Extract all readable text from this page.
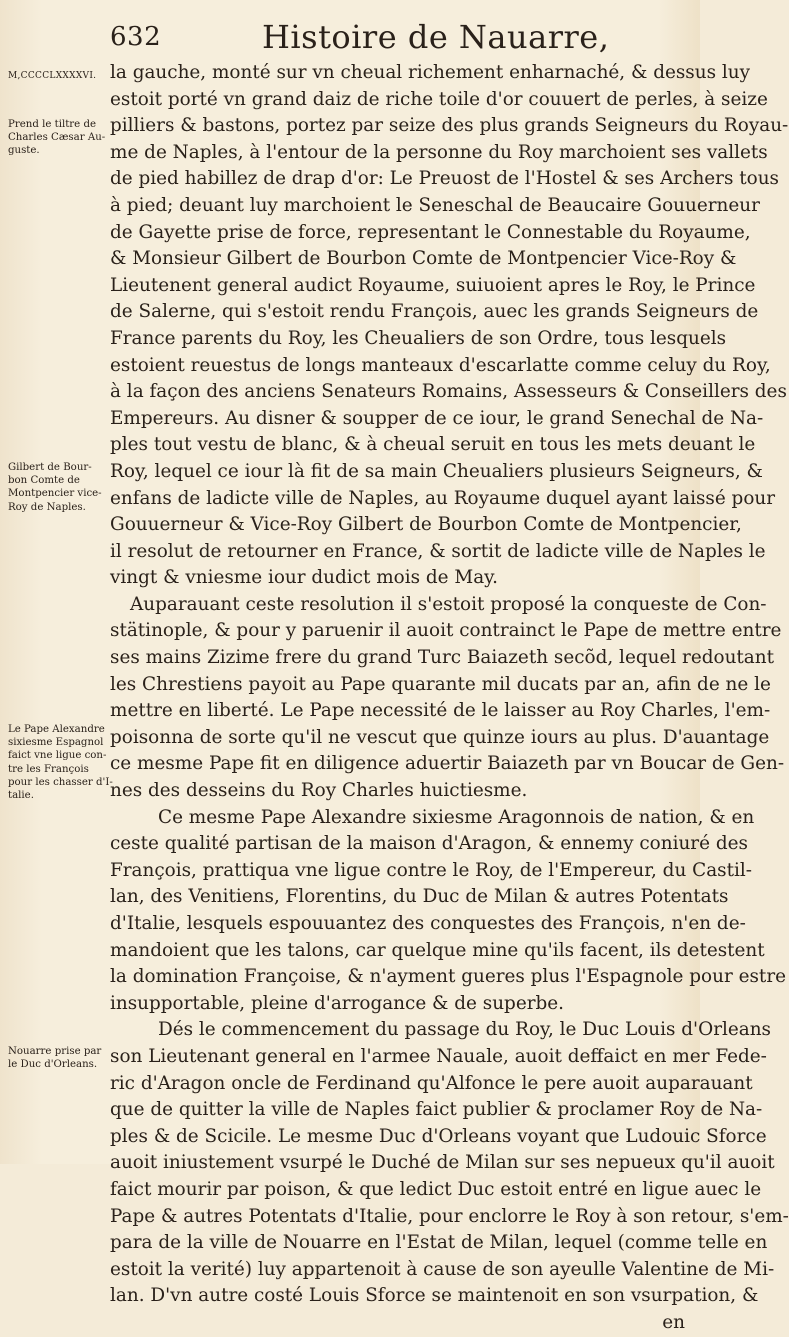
632	Histoire de Nauarre,
M,CCCCLXXXXVI.
Prend le tiltre de
Charles Cæsar Au-
guste.
Gilbert de Bour-
bon Comte de
Montpencier vice-
Roy de Naples.
Le Pape Alexandre
sixiesme Espagnol
faict vne ligue con-
tre les François
pour les chasser d'I-
talie.
Nouarre prise par
le Duc d'Orleans.
la gauche, monté sur vn cheual richement enharnaché, & dessus luy
estoit porté vn grand daiz de riche toile d'or couuert de perles, à seize
pilliers & bastons, portez par seize des plus grands Seigneurs du Royau-
me de Naples, à l'entour de la personne du Roy marchoient ses vallets
de pied habillez de drap d'or: Le Preuost de l'Hostel & ses Archers tous
à pied; deuant luy marchoient le Seneschal de Beaucaire Gouuerneur
de Gayette prise de force, representant le Connestable du Royaume,
& Monsieur Gilbert de Bourbon Comte de Montpencier Vice-Roy &
Lieutenent general audict Royaume, suiuoient apres le Roy, le Prince
de Salerne, qui s'estoit rendu François, auec les grands Seigneurs de
France parents du Roy, les Cheualiers de son Ordre, tous lesquels
estoient reuestus de longs manteaux d'escarlatte comme celuy du Roy,
à la façon des anciens Senateurs Romains, Assesseurs & Conseillers des
Empereurs. Au disner & soupper de ce iour, le grand Senechal de Na-
ples tout vestu de blanc, & à cheual seruit en tous les mets deuant le
Roy, lequel ce iour là fit de sa main Cheualiers plusieurs Seigneurs, &
enfans de ladicte ville de Naples, au Royaume duquel ayant laissé pour
Gouuerneur & Vice-Roy Gilbert de Bourbon Comte de Montpencier,
il resolut de retourner en France, & sortit de ladicte ville de Naples le
vingt & vniesme iour dudict mois de May.
Auparauant ceste resolution il s'estoit proposé la conqueste de Con-
stätinople, & pour y paruenir il auoit contrainct le Pape de mettre entre
ses mains Zizime frere du grand Turc Baiazeth secõd, lequel redoutant
les Chrestiens payoit au Pape quarante mil ducats par an, afin de ne le
mettre en liberté. Le Pape necessité de le laisser au Roy Charles, l'em-
poisonna de sorte qu'il ne vescut que quinze iours au plus. D'auantage
ce mesme Pape fit en diligence aduertir Baiazeth par vn Boucar de Gen-
nes des desseins du Roy Charles huictiesme.
Ce mesme Pape Alexandre sixiesme Aragonnois de nation, & en
ceste qualité partisan de la maison d'Aragon, & ennemy coniuré des
François, prattiqua vne ligue contre le Roy, de l'Empereur, du Castil-
lan, des Venitiens, Florentins, du Duc de Milan & autres Potentats
d'Italie, lesquels espouuantez des conquestes des François, n'en de-
mandoient que les talons, car quelque mine qu'ils facent, ils detestent
la domination Françoise, & n'ayment gueres plus l'Espagnole pour estre
insupportable, pleine d'arrogance & de superbe.
Dés le commencement du passage du Roy, le Duc Louis d'Orleans
son Lieutenant general en l'armee Nauale, auoit deffaict en mer Fede-
ric d'Aragon oncle de Ferdinand qu'Alfonce le pere auoit auparauant
que de quitter la ville de Naples faict publier & proclamer Roy de Na-
ples & de Scicile. Le mesme Duc d'Orleans voyant que Ludouic Sforce
auoit iniustement vsurpé le Duché de Milan sur ses nepueux qu'il auoit
faict mourir par poison, & que ledict Duc estoit entré en ligue auec le
Pape & autres Potentats d'Italie, pour enclorre le Roy à son retour, s'em-
para de la ville de Nouarre en l'Estat de Milan, lequel (comme telle en
estoit la verité) luy appartenoit à cause de son ayeulle Valentine de Mi-
lan. D'vn autre costé Louis Sforce se maintenoit en son vsurpation, &
en
